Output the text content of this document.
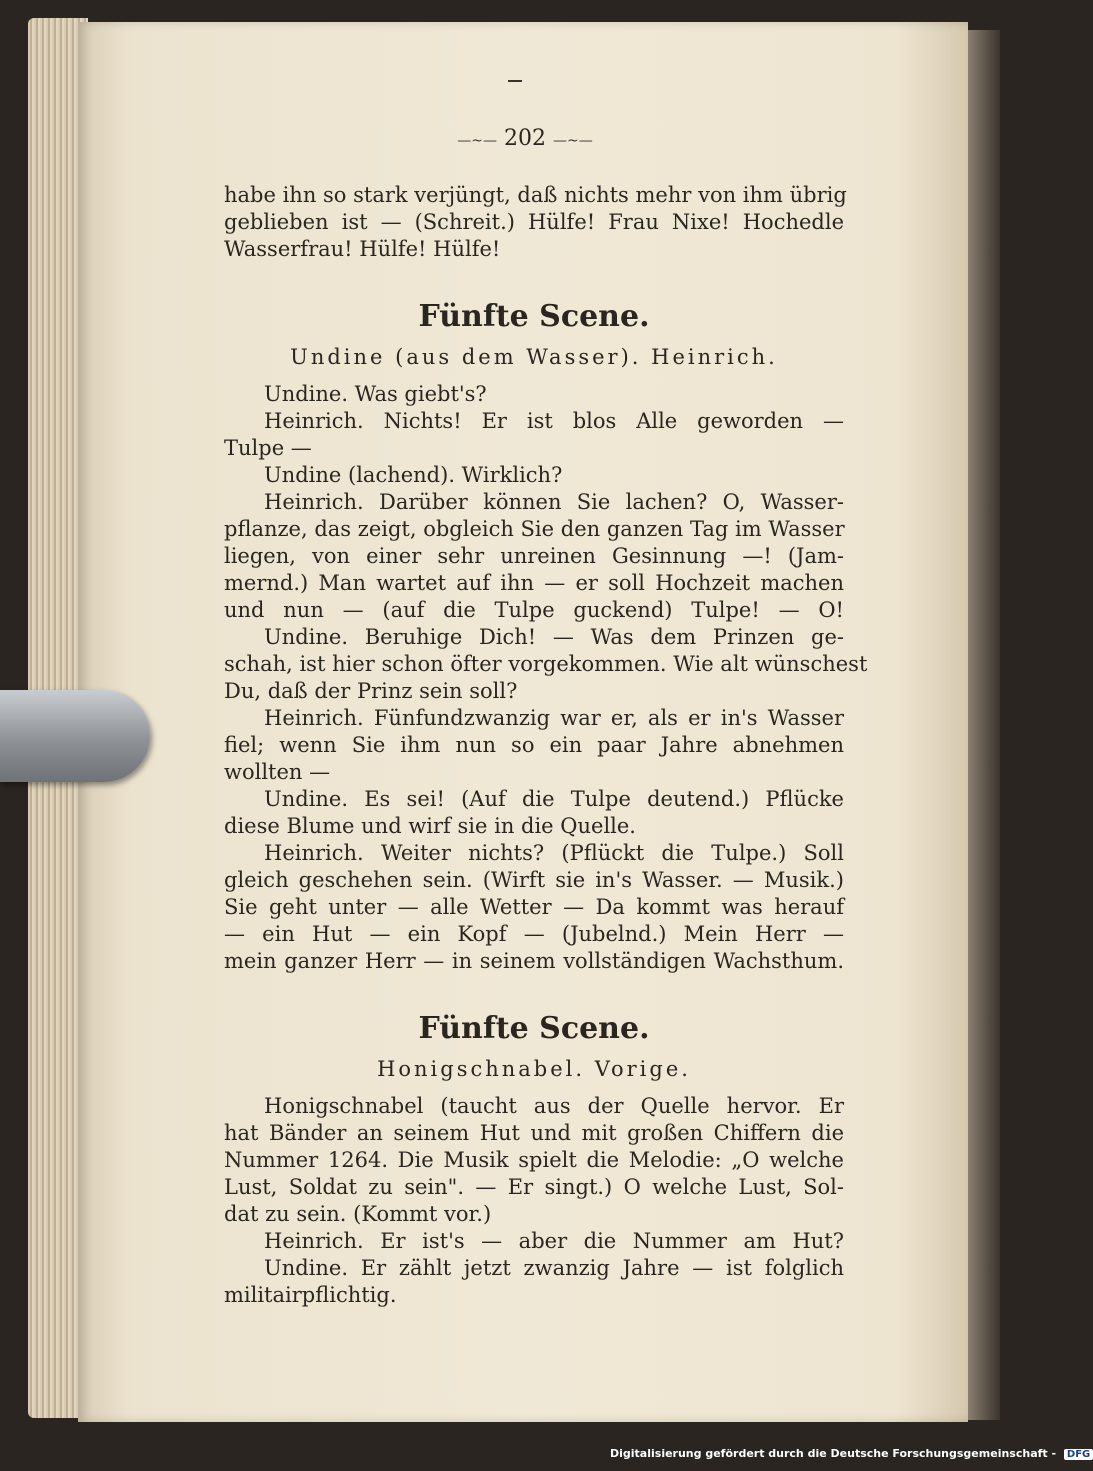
—~— 202 —~—
habe ihn so stark verjüngt, daß nichts mehr von ihm übrig
geblieben ist — (Schreit.) Hülfe! Frau Nixe! Hochedle
Wasserfrau! Hülfe! Hülfe!
Fünfte Scene.
Undine (aus dem Wasser). Heinrich.
Undine. Was giebt's?
Heinrich. Nichts! Er ist blos Alle geworden —
Tulpe —
Undine (lachend). Wirklich?
Heinrich. Darüber können Sie lachen? O, Wasser-
pflanze, das zeigt, obgleich Sie den ganzen Tag im Wasser
liegen, von einer sehr unreinen Gesinnung —! (Jam-
mernd.) Man wartet auf ihn — er soll Hochzeit machen
und nun — (auf die Tulpe guckend) Tulpe! — O!
Undine. Beruhige Dich! — Was dem Prinzen ge-
schah, ist hier schon öfter vorgekommen. Wie alt wünschest
Du, daß der Prinz sein soll?
Heinrich. Fünfundzwanzig war er, als er in's Wasser
fiel; wenn Sie ihm nun so ein paar Jahre abnehmen
wollten —
Undine. Es sei! (Auf die Tulpe deutend.) Pflücke
diese Blume und wirf sie in die Quelle.
Heinrich. Weiter nichts? (Pflückt die Tulpe.) Soll
gleich geschehen sein. (Wirft sie in's Wasser. — Musik.)
Sie geht unter — alle Wetter — Da kommt was herauf
— ein Hut — ein Kopf — (Jubelnd.) Mein Herr —
mein ganzer Herr — in seinem vollständigen Wachsthum.
Fünfte Scene.
Honigschnabel. Vorige.
Honigschnabel (taucht aus der Quelle hervor. Er
hat Bänder an seinem Hut und mit großen Chiffern die
Nummer 1264. Die Musik spielt die Melodie: „O welche
Lust, Soldat zu sein". — Er singt.) O welche Lust, Sol-
dat zu sein. (Kommt vor.)
Heinrich. Er ist's — aber die Nummer am Hut?
Undine. Er zählt jetzt zwanzig Jahre — ist folglich
militairpflichtig.
Digitalisierung gefördert durch die Deutsche Forschungsgemeinschaft - DFG
